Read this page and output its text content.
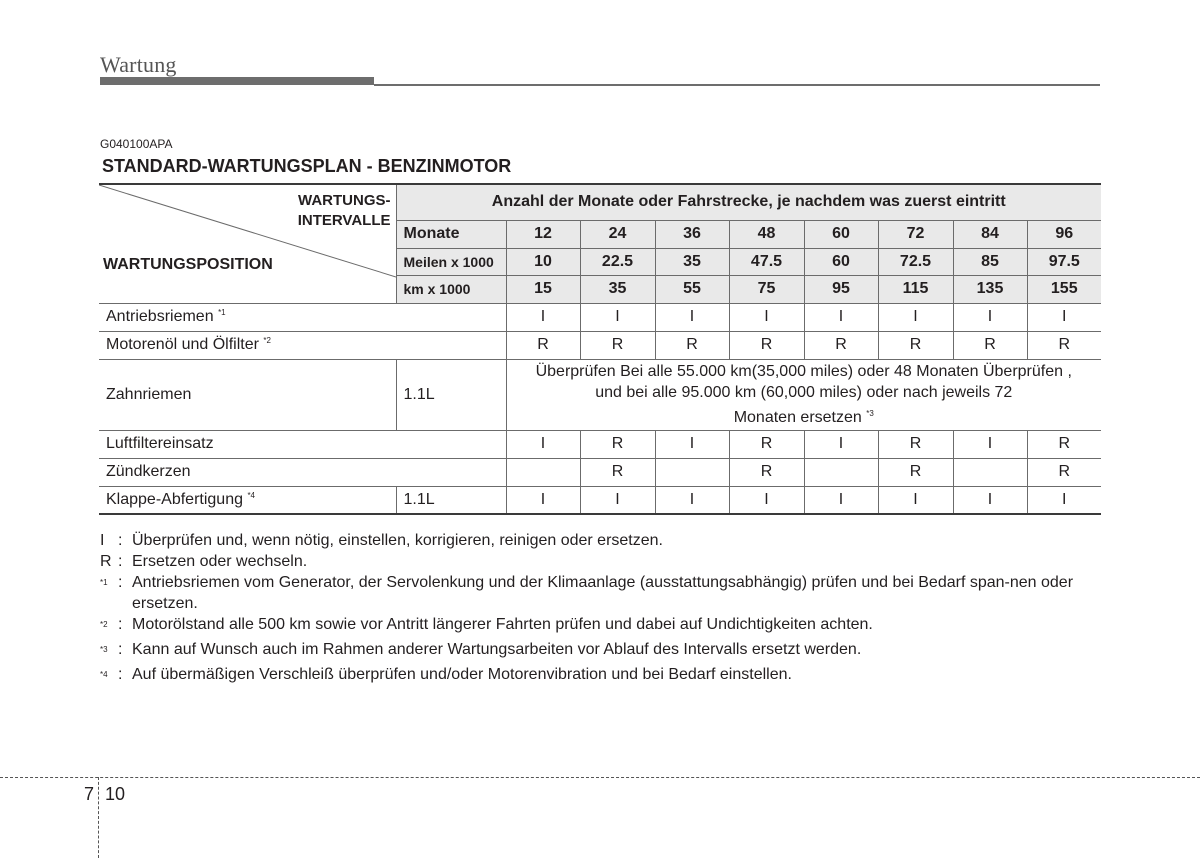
Wartung
G040100APA
STANDARD-WARTUNGSPLAN - BENZINMOTOR
WARTUNGS-
INTERVALLE
WARTUNGSPOSITION	Anzahl der Monate oder Fahrstrecke, je nachdem was zuerst eintritt								
	Monate	12	24	36	48	60	72	84	96
	Meilen x 1000	10	22.5	35	47.5	60	72.5	85	97.5
	km x 1000	15	35	55	75	95	115	135	155
Antriebsriemen $^{*1}$		I	I	I	I	I	I	I	I
Motorenöl und Ölfilter $^{*2}$		R	R	R	R	R	R	R	R
Zahnriemen	1.1L	Überprüfen Bei alle 55.000 km(35,000 miles) oder 48 Monaten Überprüfen ,
und bei alle 95.000 km (60,000 miles) oder nach jeweils 72
Monaten ersetzen $^{*3}$

Luftfiltereinsatz		I	R	I	R	I	R	I	R
Zündkerzen			R		R		R		R
Klappe-Abfertigung $^{*4}$	1.1L	I	I	I	I	I	I	I	I
I : Überprüfen und, wenn nötig, einstellen, korrigieren, reinigen oder ersetzen.
R : Ersetzen oder wechseln.
$^{*1}$ : Antriebsriemen vom Generator, der Servolenkung und der Klimaanlage (ausstattungsabhängig) prüfen und bei Bedarf span-nen oder ersetzen.
$^{*2}$ : Motorölstand alle 500 km sowie vor Antritt längerer Fahrten prüfen und dabei auf Undichtigkeiten achten.
$^{*3}$ : Kann auf Wunsch auch im Rahmen anderer Wartungsarbeiten vor Ablauf des Intervalls ersetzt werden.
$^{*4}$ : Auf übermäßigen Verschleiß überprüfen und/oder Motorenvibration und bei Bedarf einstellen.
7 10
